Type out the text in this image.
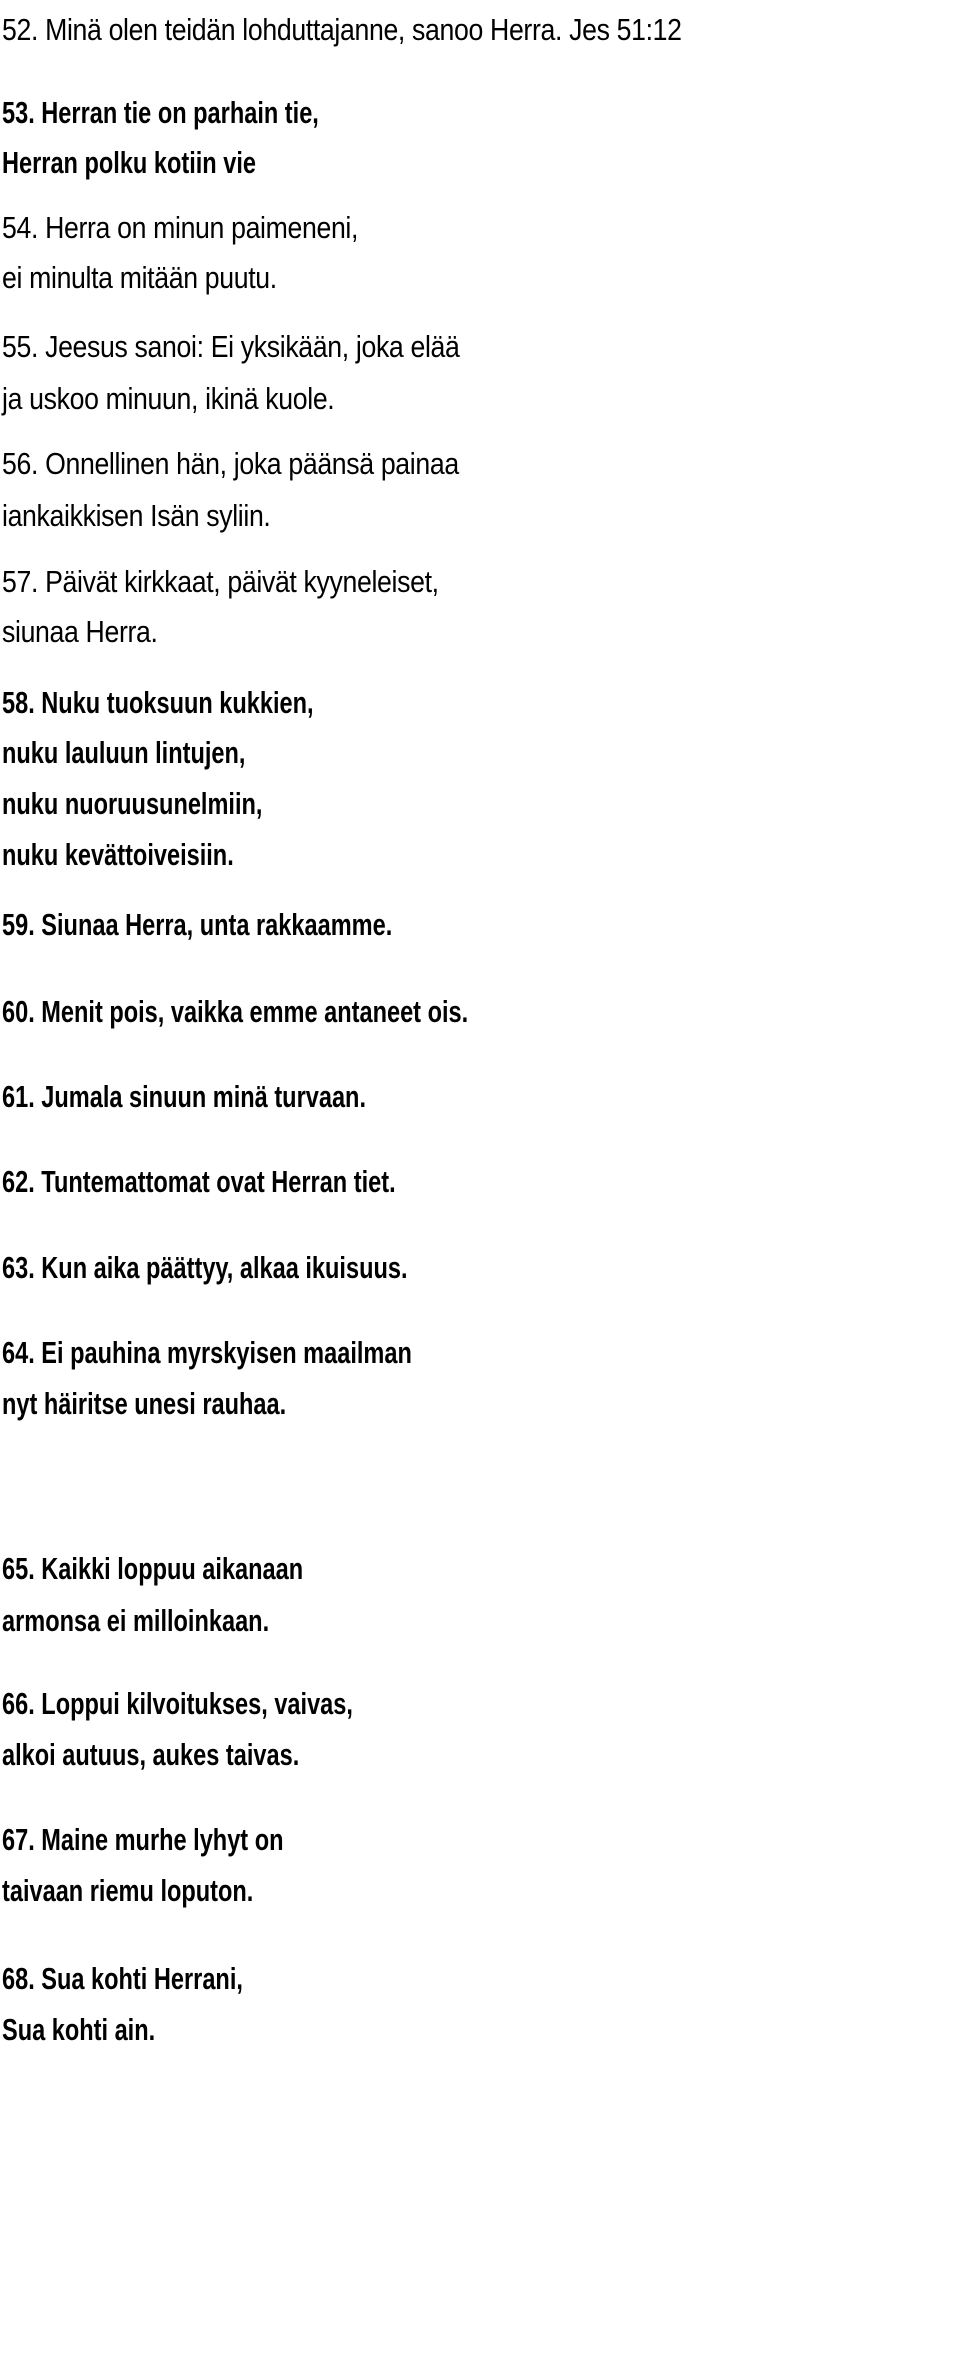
52. Minä olen teidän lohduttajanne, sanoo Herra. Jes 51:12

53. Herran tie on parhain tie,

Herran polku kotiin vie

54. Herra on minun paimeneni,

ei minulta mitään puutu.

55. Jeesus sanoi: Ei yksikään, joka elää

ja uskoo minuun, ikinä kuole.

56. Onnellinen hän, joka päänsä painaa

iankaikkisen Isän syliin.

57. Päivät kirkkaat, päivät kyyneleiset,

siunaa Herra.

58. Nuku tuoksuun kukkien,

nuku lauluun lintujen,

nuku nuoruusunelmiin,

nuku kevättoiveisiin.

59. Siunaa Herra, unta rakkaamme.

60. Menit pois, vaikka emme antaneet ois.

61. Jumala sinuun minä turvaan.

62. Tuntemattomat ovat Herran tiet.

63. Kun aika päättyy, alkaa ikuisuus.

64. Ei pauhina myrskyisen maailman

nyt häiritse unesi rauhaa.

65. Kaikki loppuu aikanaan

armonsa ei milloinkaan.

66. Loppui kilvoitukses, vaivas,

alkoi autuus, aukes taivas.

67. Maine murhe lyhyt on

taivaan riemu loputon.

68. Sua kohti Herrani,

Sua kohti ain.
